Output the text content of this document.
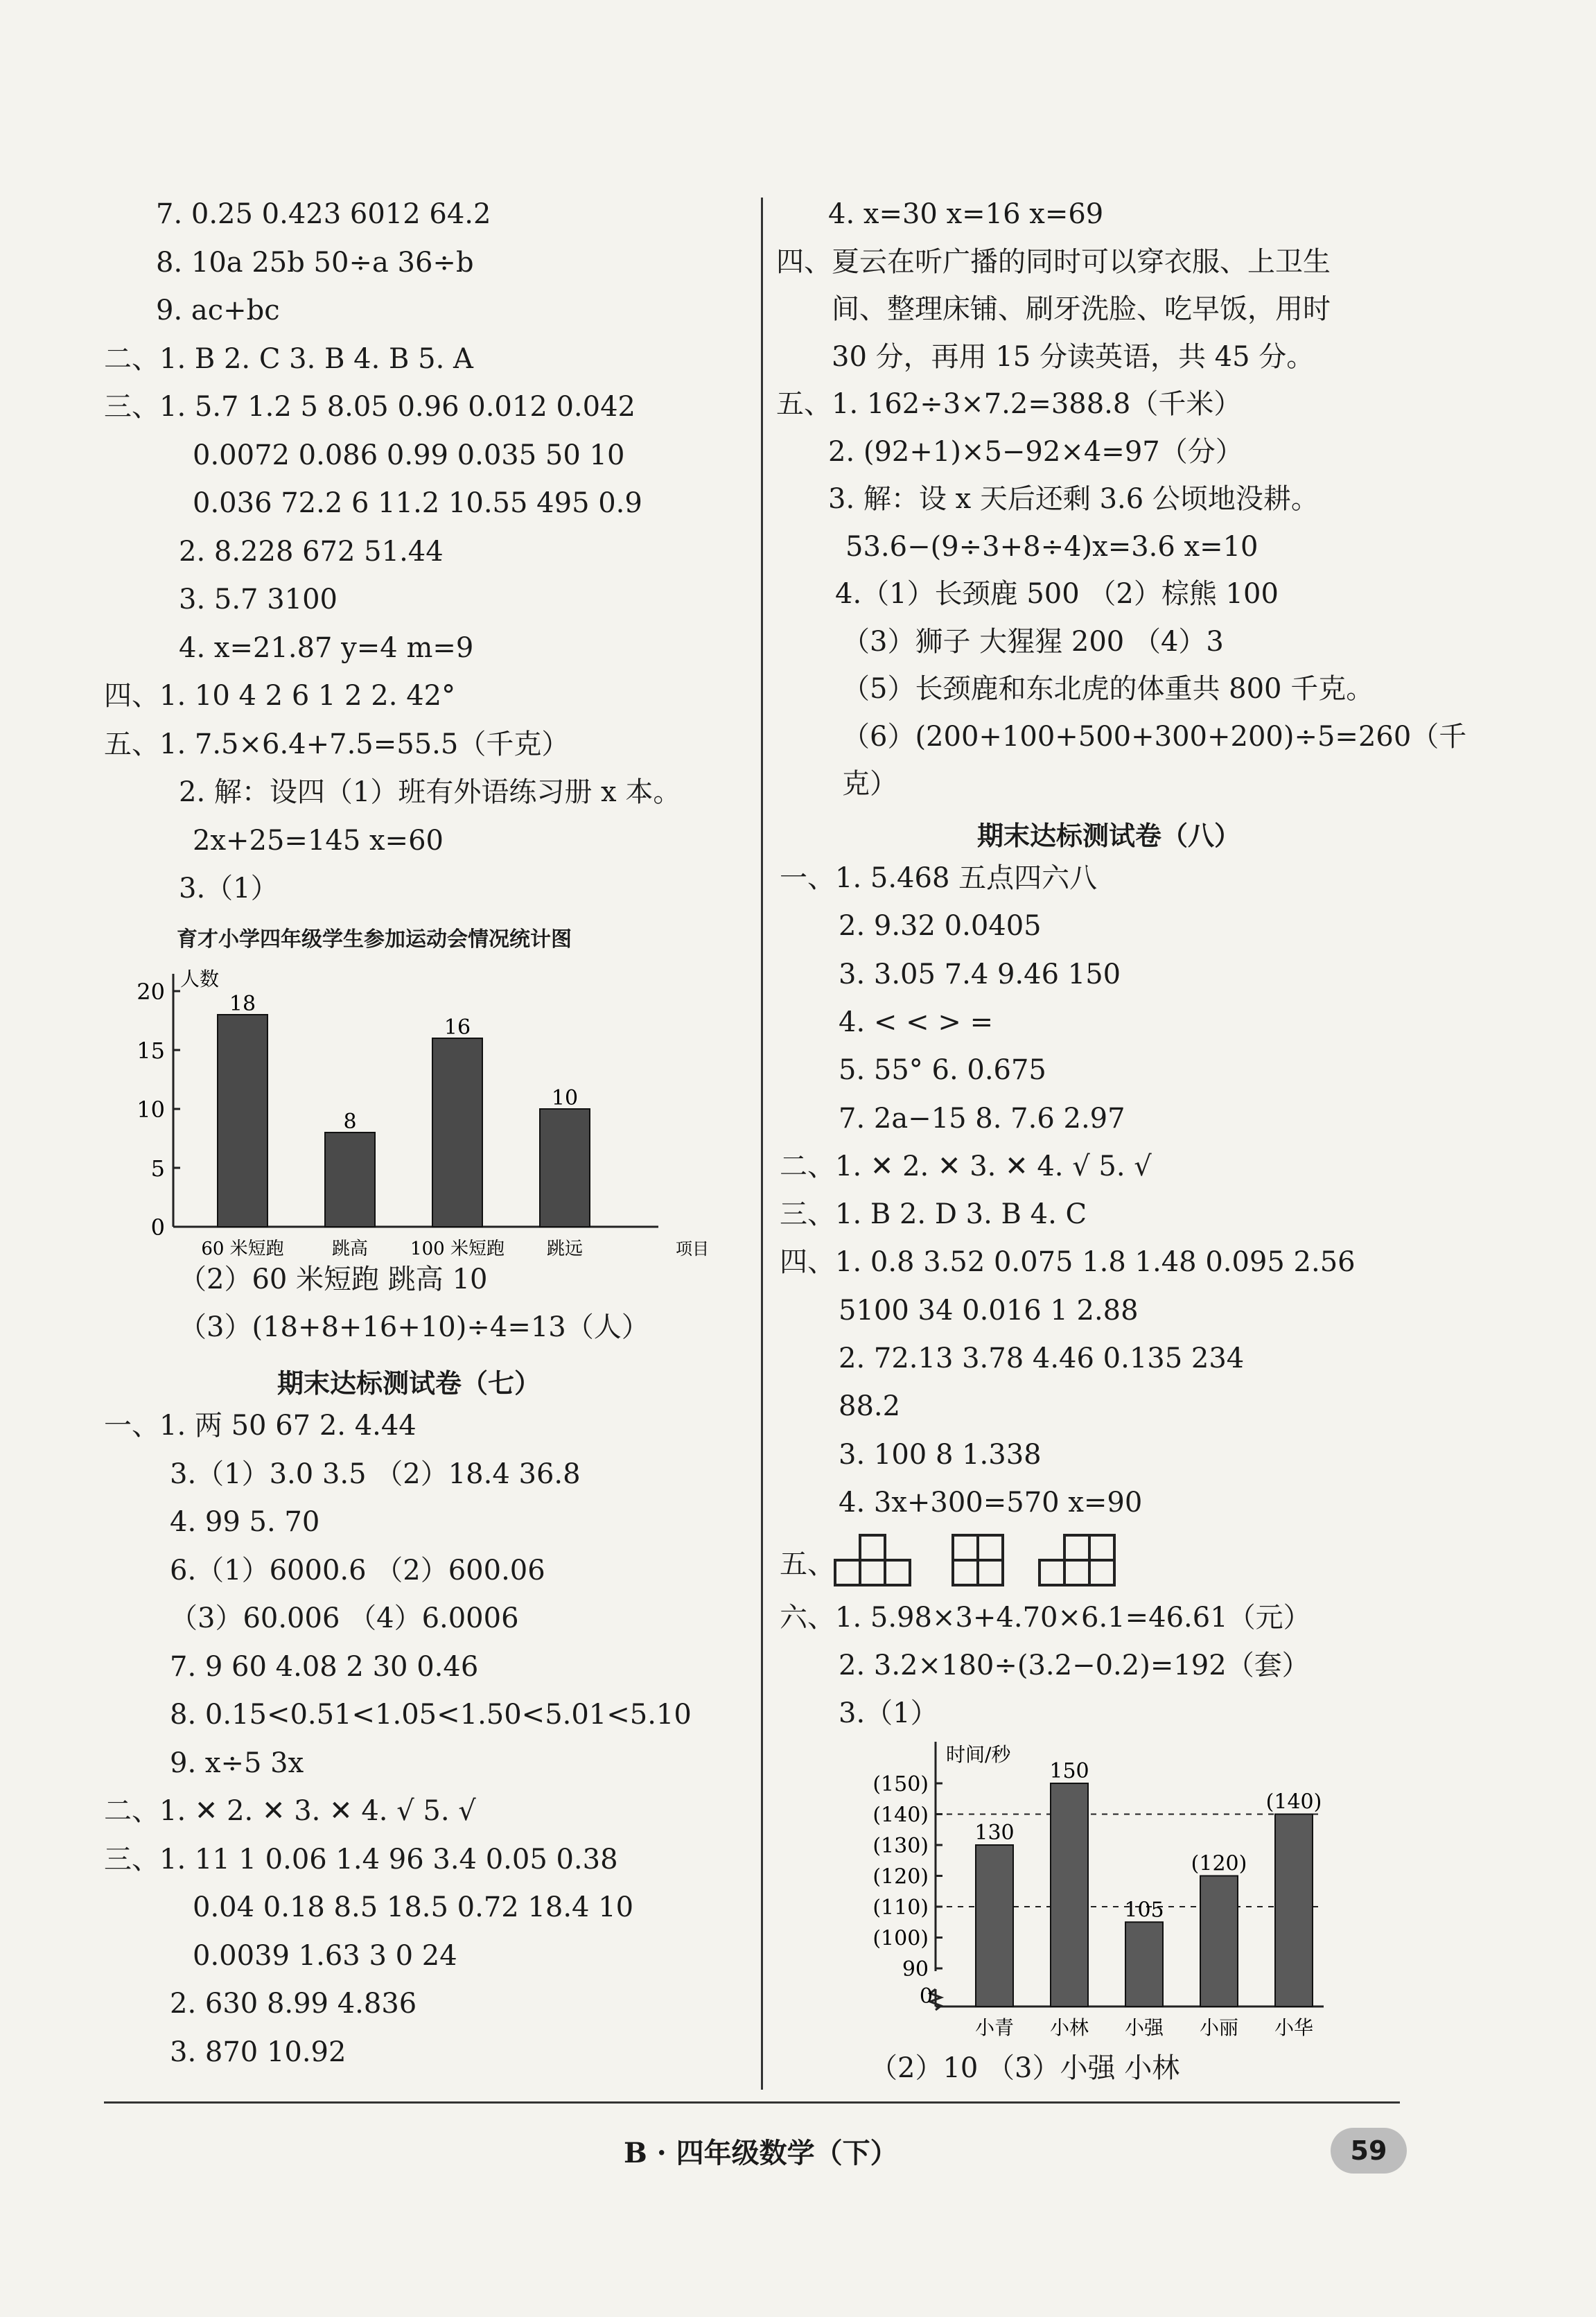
育才小学四年级学生参加运动会情况统计图
0
5
10
15
20 人数
项目
18
60 米短跑
8
跳高
16
100 米短跑
10
跳远
0
90
(100)
(110)
(120)
(130)
(140)
(150)
时间/秒
130
小青
150
小林
105
小强
(120)
小丽
(140)
小华
B · 四年级数学（下）	59
7. 0.25 0.423 6012 64.2
8. 10a 25b 50÷a 36÷b
9. ac+bc
二、1. B 2. C 3. B 4. B 5. A
三、1. 5.7 1.2 5 8.05 0.96 0.012 0.042
0.0072 0.086 0.99 0.035 50 10
0.036 72.2 6 11.2 10.55 495 0.9
2. 8.228 672 51.44
3. 5.7 3100
4. x=21.87 y=4 m=9
四、1. 10 4 2 6 1 2 2. 42°
五、1. 7.5×6.4+7.5=55.5（千克）
2. 解：设四（1）班有外语练习册 x 本。
2x+25=145 x=60
3.（1）
（2）60 米短跑 跳高 10
（3）(18+8+16+10)÷4=13（人）
期末达标测试卷（七）
一、1. 两 50 67 2. 4.44
3.（1）3.0 3.5 （2）18.4 36.8
4. 99 5. 70
6.（1）6000.6 （2）600.06
（3）60.006 （4）6.0006
7. 9 60 4.08 2 30 0.46
8. 0.15<0.51<1.05<1.50<5.01<5.10
9. x÷5 3x
二、1. ✕ 2. ✕ 3. ✕ 4. √ 5. √
三、1. 11 1 0.06 1.4 96 3.4 0.05 0.38
0.04 0.18 8.5 18.5 0.72 18.4 10
0.0039 1.63 3 0 24
2. 630 8.99 4.836
3. 870 10.92
4. x=30 x=16 x=69
四、夏云在听广播的同时可以穿衣服、上卫生
间、整理床铺、刷牙洗脸、吃早饭，用时
30 分，再用 15 分读英语，共 45 分。
五、1. 162÷3×7.2=388.8（千米）
2. (92+1)×5−92×4=97（分）
3. 解：设 x 天后还剩 3.6 公顷地没耕。
53.6−(9÷3+8÷4)x=3.6 x=10
4.（1）长颈鹿 500 （2）棕熊 100
（3）狮子 大猩猩 200 （4）3
（5）长颈鹿和东北虎的体重共 800 千克。
（6）(200+100+500+300+200)÷5=260（千
克）
期末达标测试卷（八）
一、1. 5.468 五点四六八
2. 9.32 0.0405
3. 3.05 7.4 9.46 150
4. < < > =
5. 55° 6. 0.675
7. 2a−15 8. 7.6 2.97
二、1. ✕ 2. ✕ 3. ✕ 4. √ 5. √
三、1. B 2. D 3. B 4. C
四、1. 0.8 3.52 0.075 1.8 1.48 0.095 2.56
5100 34 0.016 1 2.88
2. 72.13 3.78 4.46 0.135 234
88.2
3. 100 8 1.338
4. 3x+300=570 x=90
五、
六、1. 5.98×3+4.70×6.1=46.61（元）
2. 3.2×180÷(3.2−0.2)=192（套）
3.（1）
（2）10 （3）小强 小林
